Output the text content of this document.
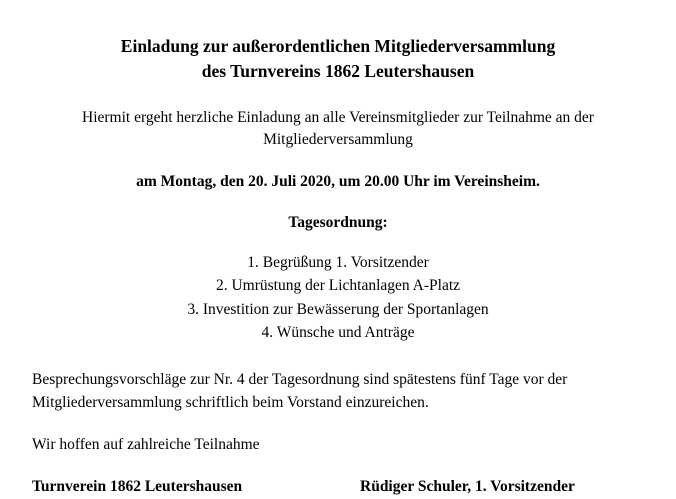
Einladung zur außerordentlichen Mitgliederversammlung
des Turnvereins 1862 Leutershausen

Hiermit ergeht herzliche Einladung an alle Vereinsmitglieder zur Teilnahme an der Mitgliederversammlung

am Montag, den 20. Juli 2020, um 20.00 Uhr im Vereinsheim.

Tagesordnung:

1. Begrüßung 1. Vorsitzender
2. Umrüstung der Lichtanlagen A-Platz
3. Investition zur Bewässerung der Sportanlagen
4. Wünsche und Anträge

Besprechungsvorschläge zur Nr. 4 der Tagesordnung sind spätestens fünf Tage vor der Mitgliederversammlung schriftlich beim Vorstand einzureichen.

Wir hoffen auf zahlreiche Teilnahme

Turnverein 1862 Leutershausen	Rüdiger Schuler, 1. Vorsitzender
